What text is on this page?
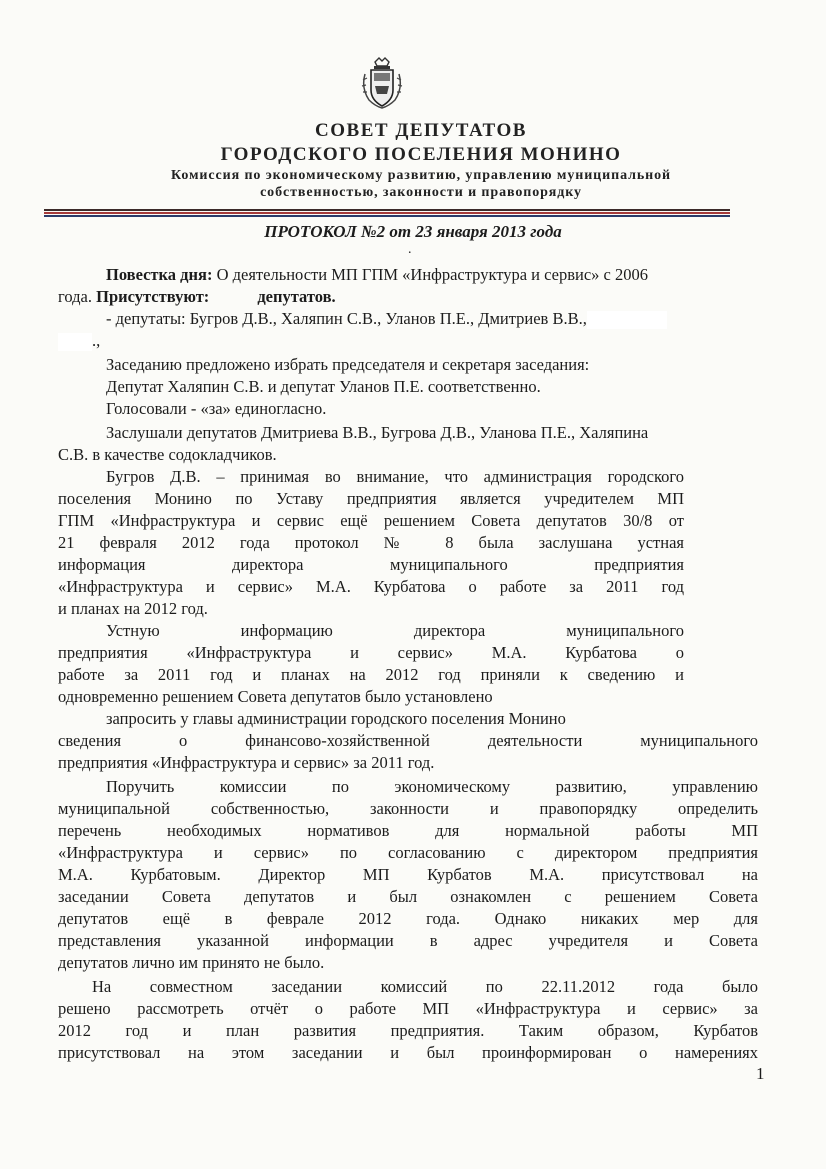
СОВЕТ ДЕПУТАТОВ
ГОРОДСКОГО ПОСЕЛЕНИЯ МОНИНО
Комиссия по экономическому развитию, управлению муниципальной
собственностью, законности и правопорядку
ПРОТОКОЛ №2 от 23 января 2013 года
.
Повестка дня: О деятельности МП ГПМ «Инфраструктура и сервис» с 2006
года. Присутствуют:	депутатов.
- депутаты: Бугров Д.В., Халяпин С.В., Уланов П.Е., Дмитриев В.В.,
.,
Заседанию предложено избрать председателя и секретаря заседания:
Депутат Халяпин С.В. и депутат Уланов П.Е. соответственно.
Голосовали - «за» единогласно.
Заслушали депутатов Дмитриева В.В., Бугрова Д.В., Уланова П.Е., Халяпина
С.В. в качестве содокладчиков.
Бугров Д.В. – принимая во внимание, что администрация городского
поселения Монино по Уставу предприятия является учредителем МП
ГПМ «Инфраструктура и сервис ещё решением Совета депутатов 30/8 от
21 февраля 2012 года протокол № 8 была заслушана устная
информация директора муниципального предприятия
«Инфраструктура и сервис» М.А. Курбатова о работе за 2011 год
и планах на 2012 год.
Устную информацию директора муниципального
предприятия «Инфраструктура и сервис» М.А. Курбатова о
работе за 2011 год и планах на 2012 год приняли к сведению и
одновременно решением Совета депутатов было установлено
запросить у главы администрации городского поселения Монино
сведения о финансово-хозяйственной деятельности муниципального
предприятия «Инфраструктура и сервис» за 2011 год.
Поручить комиссии по экономическому развитию, управлению
муниципальной собственностью, законности и правопорядку определить
перечень необходимых нормативов для нормальной работы МП
«Инфраструктура и сервис» по согласованию с директором предприятия
М.А. Курбатовым. Директор МП Курбатов М.А. присутствовал на
заседании Совета депутатов и был ознакомлен с решением Совета
депутатов ещё в феврале 2012 года. Однако никаких мер для
представления указанной информации в адрес учредителя и Совета
депутатов лично им принято не было.
На совместном заседании комиссий по 22.11.2012 года было
решено рассмотреть отчёт о работе МП «Инфраструктура и сервис» за
2012 год и план развития предприятия. Таким образом, Курбатов
присутствовал на этом заседании и был проинформирован о намерениях
1
